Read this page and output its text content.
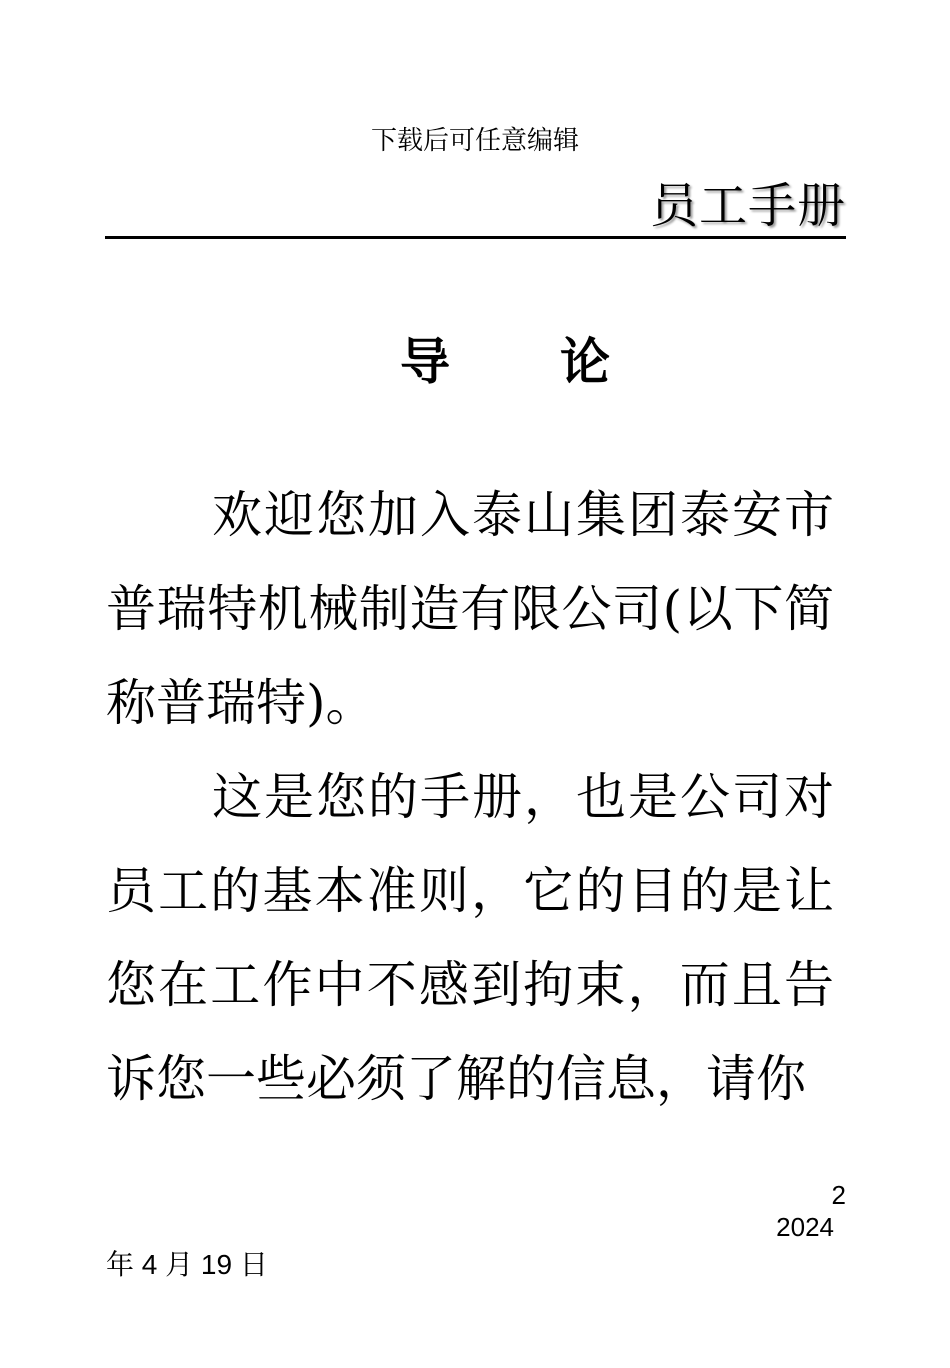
下载后可任意编辑
员工手册
导 论

欢迎您加入泰山集团泰安市普瑞特机械制造有限公司(以下简称普瑞特)。

这是您的手册，也是公司对员工的基本准则，它的目的是让您在工作中不感到拘束，而且告诉您一些必须了解的信息，请你

2
2024
年 4 月 19 日
